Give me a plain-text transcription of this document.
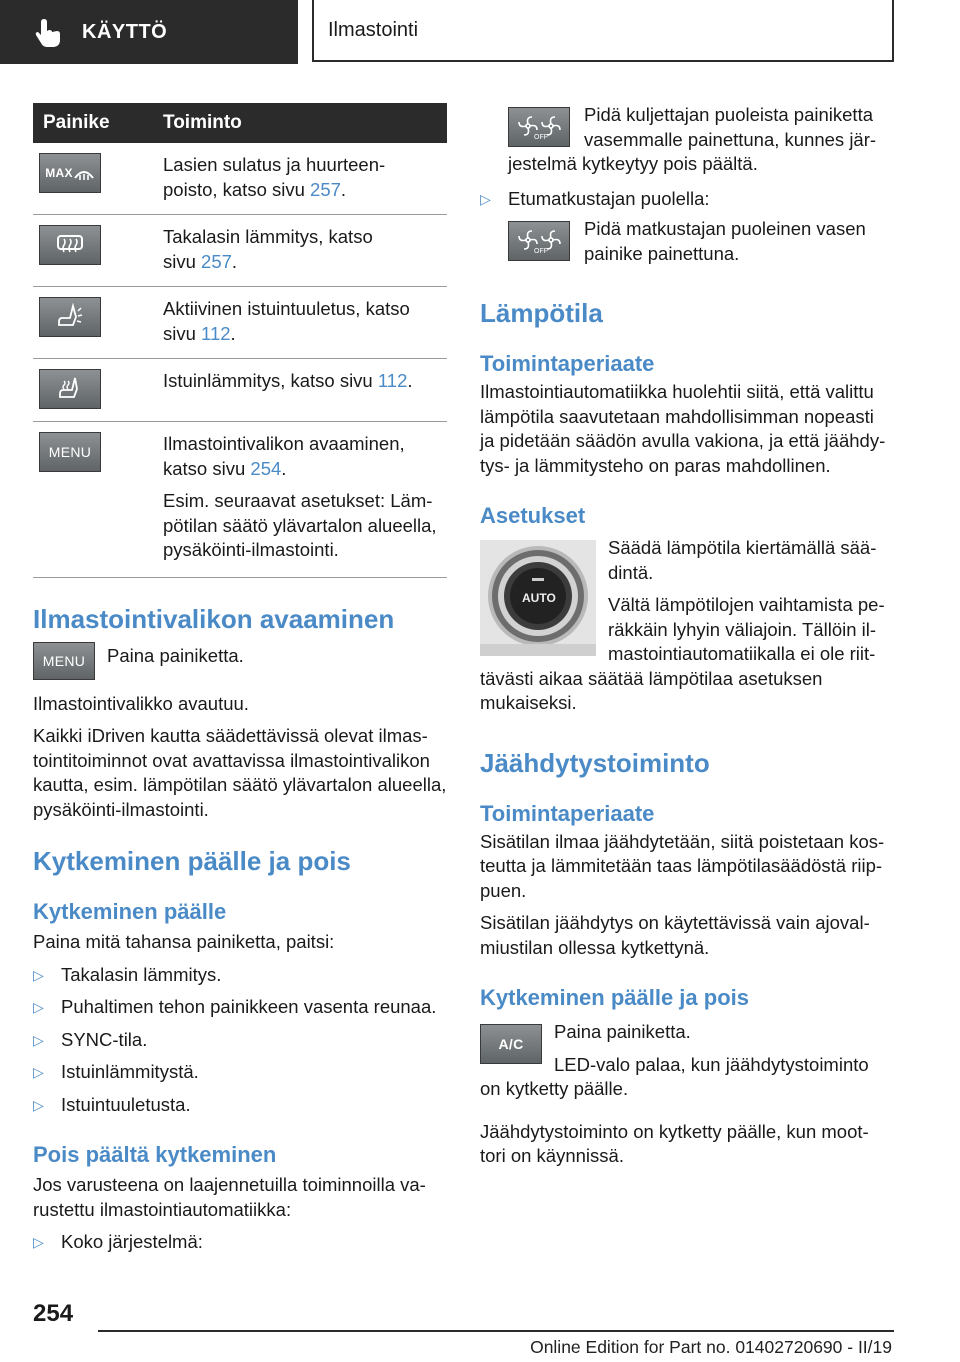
KÄYTTÖ	Ilmastointi
Painike	Toiminto

MAX	Lasien sulatus ja huurteen-
poisto, katso sivu 257.

Takalasin lämmitys, katso
sivu 257.

Aktiivinen istuintuuletus, katso
sivu 112.

Istuinlämmitys, katso sivu 112.

MENU	Ilmastointivalikon avaaminen,
katso sivu 254.

Esim. seuraavat asetukset: Läm-
pötilan säätö ylävartalon alueella,
pysäköinti-ilmastointi.

Ilmastointivalikon avaaminen
MENU Paina painiketta.

Ilmastointivalikko avautuu.

Kaikki iDriven kautta säädettävissä olevat ilmas-
tointitoiminnot ovat avattavissa ilmastointivalikon
kautta, esim. lämpötilan säätö ylävartalon alueella,
pysäköinti-ilmastointi.

Kytkeminen päälle ja pois
Kytkeminen päälle

Paina mitä tahansa painiketta, paitsi:

▷ Takalasin lämmitys.

▷ Puhaltimen tehon painikkeen vasenta reunaa.

▷ SYNC-tila.

▷ Istuinlämmitystä.

▷ Istuintuuletusta.

Pois päältä kytkeminen

Jos varusteena on laajennetuilla toiminnoilla va-
rustettu ilmastointiautomatiikka:

▷ Koko järjestelmä:

OFF

Pidä kuljettajan puoleista painiketta
vasemmalle painettuna, kunnes jär-

jestelmä kytkeytyy pois päältä.

▷ Etumatkustajan puolella:

OFF

Pidä matkustajan puoleinen vasen
painike painettuna.

Lämpötila
Toimintaperiaate

Ilmastointiautomatiikka huolehtii siitä, että valittu
lämpötila saavutetaan mahdollisimman nopeasti
ja pidetään säädön avulla vakiona, ja että jäähdy-
tys- ja lämmitysteho on paras mahdollinen.

Asetukset
AUTO

Säädä lämpötila kiertämällä sää-
dintä.

Vältä lämpötilojen vaihtamista pe-
räkkäin lyhyin väliajoin. Tällöin il-
mastointiautomatiikalla ei ole riit-

tävästi aikaa säätää lämpötilaa asetuksen
mukaiseksi.

Jäähdytystoiminto
Toimintaperiaate

Sisätilan ilmaa jäähdytetään, siitä poistetaan kos-
teutta ja lämmitetään taas lämpötilasäädöstä riip-
puen.

Sisätilan jäähdytys on käytettävissä vain ajoval-
miustilan ollessa kytkettynä.

Kytkeminen päälle ja pois
A/C

Paina painiketta.

LED-valo palaa, kun jäähdytystoiminto

on kytketty päälle.

Jäähdytystoiminto on kytketty päälle, kun moot-
tori on käynnissä.

254
Online Edition for Part no. 01402720690 - II/19
